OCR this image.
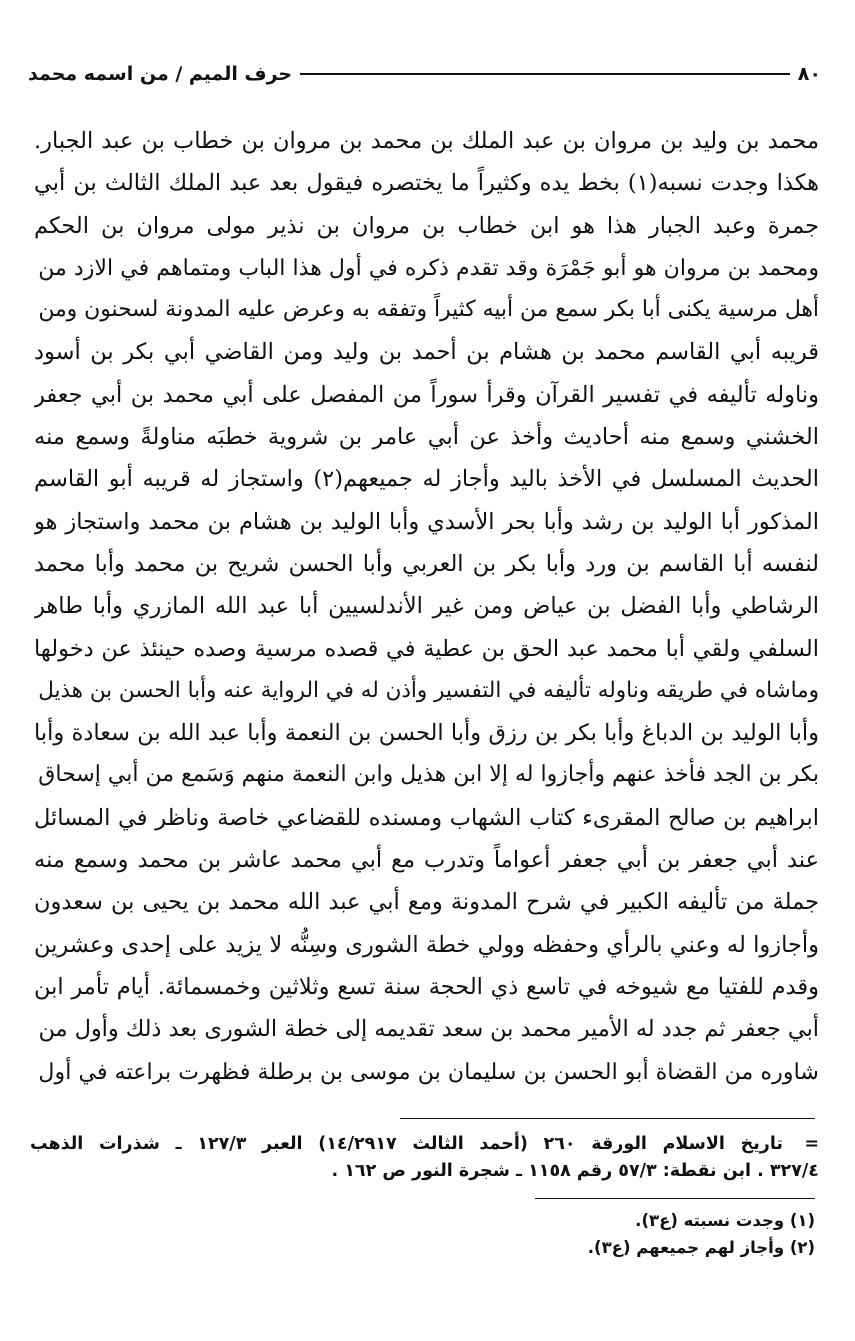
٨٠
حرف الميم / من اسمه محمد
محمد بن وليد بن مروان بن عبد الملك بن محمد بن مروان بن خطاب بن عبد الجبار.
هكذا وجدت نسبه(١) بخط يده وكثيراً ما يختصره فيقول بعد عبد الملك الثالث بن أبي
جمرة وعبد الجبار هذا هو ابن خطاب بن مروان بن نذير مولى مروان بن الحكم
ومحمد بن مروان هو أبو جَمْرَة وقد تقدم ذكره في أول هذا الباب ومتماهم في الازد من
أهل مرسية يكنى أبا بكر سمع من أبيه كثيراً وتفقه به وعرض عليه المدونة لسحنون ومن
قريبه أبي القاسم محمد بن هشام بن أحمد بن وليد ومن القاضي أبي بكر بن أسود
وناوله تأليفه في تفسير القرآن وقرأ سوراً من المفصل على أبي محمد بن أبي جعفر
الخشني وسمع منه أحاديث وأخذ عن أبي عامر بن شروية خطبَه مناولةً وسمع منه
الحديث المسلسل في الأخذ باليد وأجاز له جميعهم(٢) واستجاز له قريبه أبو القاسم
المذكور أبا الوليد بن رشد وأبا بحر الأسدي وأبا الوليد بن هشام بن محمد واستجاز هو
لنفسه أبا القاسم بن ورد وأبا بكر بن العربي وأبا الحسن شريح بن محمد وأبا محمد
الرشاطي وأبا الفضل بن عياض ومن غير الأندلسيين أبا عبد الله المازري وأبا طاهر
السلفي ولقي أبا محمد عبد الحق بن عطية في قصده مرسية وصده حينئذ عن دخولها
وماشاه في طريقه وناوله تأليفه في التفسير وأذن له في الرواية عنه وأبا الحسن بن هذيل
وأبا الوليد بن الدباغ وأبا بكر بن رزق وأبا الحسن بن النعمة وأبا عبد الله بن سعادة وأبا
بكر بن الجد فأخذ عنهم وأجازوا له إلا ابن هذيل وابن النعمة منهم وَسَمع من أبي إسحاق
ابراهيم بن صالح المقرىء كتاب الشهاب ومسنده للقضاعي خاصة وناظر في المسائل
عند أبي جعفر بن أبي جعفر أعواماً وتدرب مع أبي محمد عاشر بن محمد وسمع منه
جملة من تأليفه الكبير في شرح المدونة ومع أبي عبد الله محمد بن يحيى بن سعدون
وأجازوا له وعني بالرأي وحفظه وولي خطة الشورى وسِنُّه لا يزيد على إحدى وعشرين
وقدم للفتيا مع شيوخه في تاسع ذي الحجة سنة تسع وثلاثين وخمسمائة. أيام تأمر ابن
أبي جعفر ثم جدد له الأمير محمد بن سعد تقديمه إلى خطة الشورى بعد ذلك وأول من
شاوره من القضاة أبو الحسن بن سليمان بن موسى بن برطلة فظهرت براعته في أول
=
تاريخ الاسلام الورقة ٢٦٠ (أحمد الثالث ١٤/٢٩١٧) العبر ١٢٧/٣ ـ شذرات الذهب
٣٢٧/٤ . ابن نقطة: ٥٧/٣ رقم ١١٥٨ ـ شجرة النور ص ١٦٢ .
(١) وجدت نسبته (ع٣).
(٢) وأجاز لهم جميعهم (ع٣).
